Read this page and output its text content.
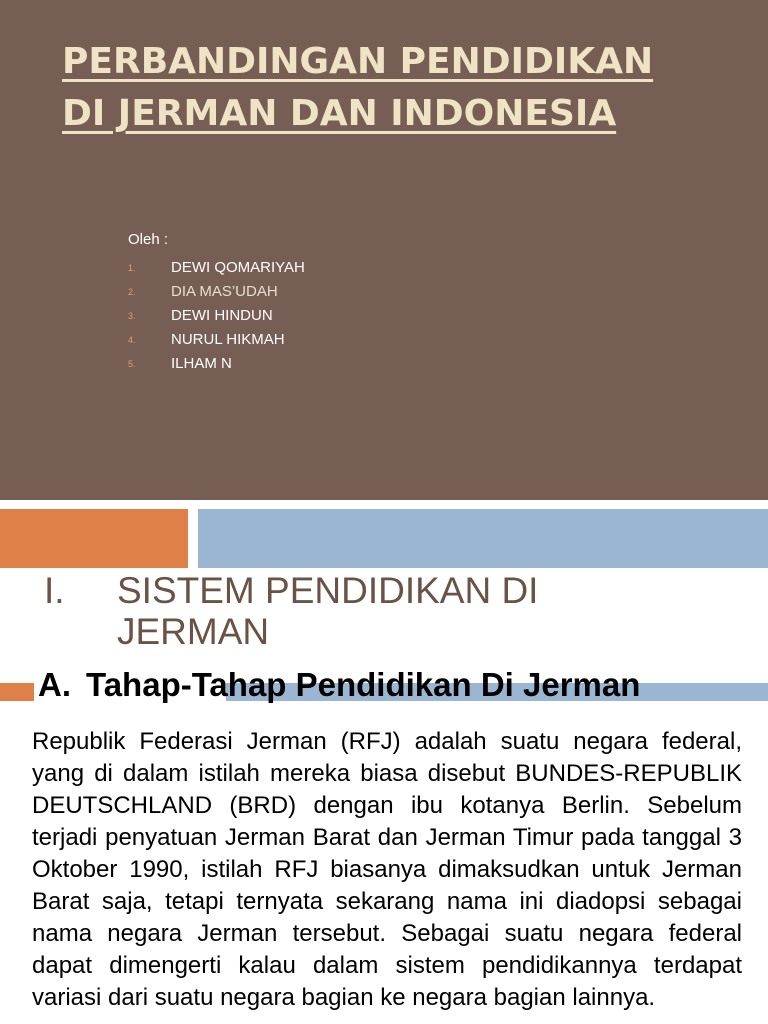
PERBANDINGAN PENDIDIKAN
DI JERMAN DAN INDONESIA

Oleh :

1. DEWI QOMARIYAH
2. DIA MAS’UDAH
3. DEWI HINDUN
4. NURUL HIKMAH
5. ILHAM N
I. SISTEM PENDIDIKAN DI JERMAN
A. Tahap-Tahap Pendidikan Di Jerman

Republik Federasi Jerman (RFJ) adalah suatu negara federal, yang di dalam istilah mereka biasa disebut BUNDES-REPUBLIK DEUTSCHLAND (BRD) dengan ibu kotanya Berlin. Sebelum terjadi penyatuan Jerman Barat dan Jerman Timur pada tanggal 3 Oktober 1990, istilah RFJ biasanya dimaksudkan untuk Jerman Barat saja, tetapi ternyata sekarang nama ini diadopsi sebagai nama negara Jerman tersebut. Sebagai suatu negara federal dapat dimengerti kalau dalam sistem pendidikannya terdapat variasi dari suatu negara bagian ke negara bagian lainnya.
